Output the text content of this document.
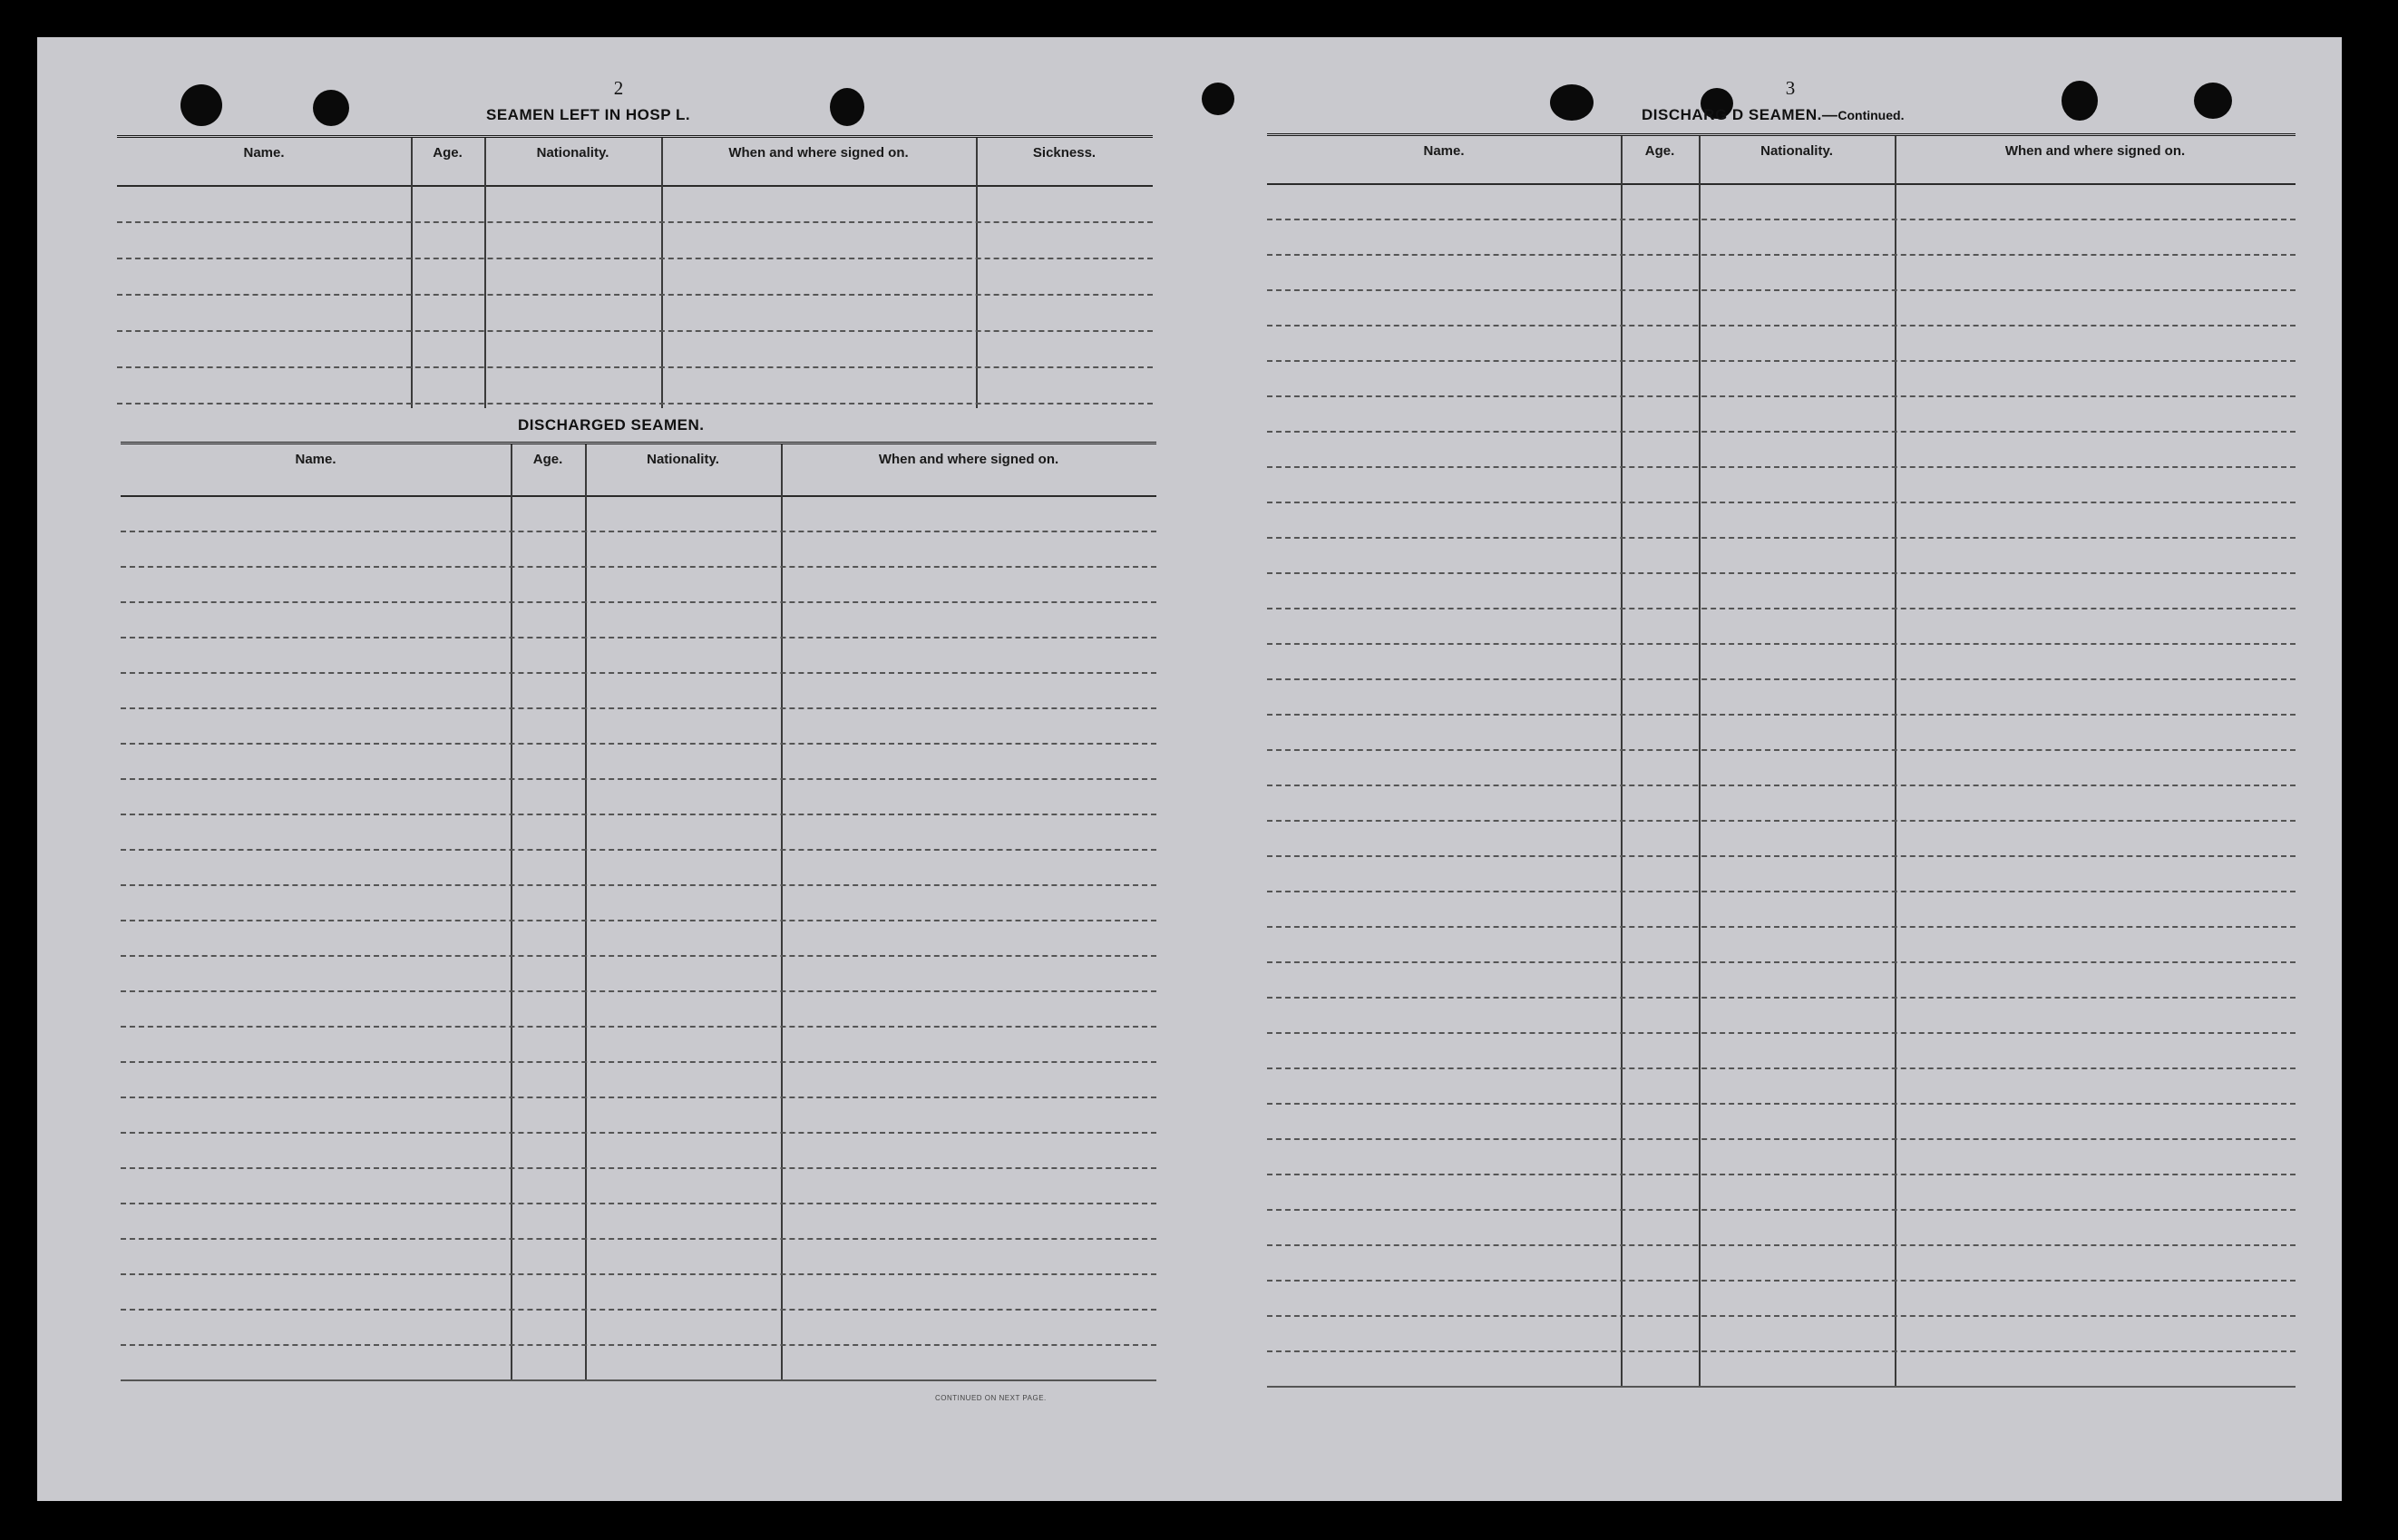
2
SEAMEN LEFT IN HOSP L.
Name.	Age.	Nationality.	When and where signed on.	Sickness.
DISCHARGED SEAMEN.
Name.	Age.	Nationality.	When and where signed on.
CONTINUED ON NEXT PAGE.
3
DISCHARG D SEAMEN.—Continued.
Name.	Age.	Nationality.	When and where signed on.
